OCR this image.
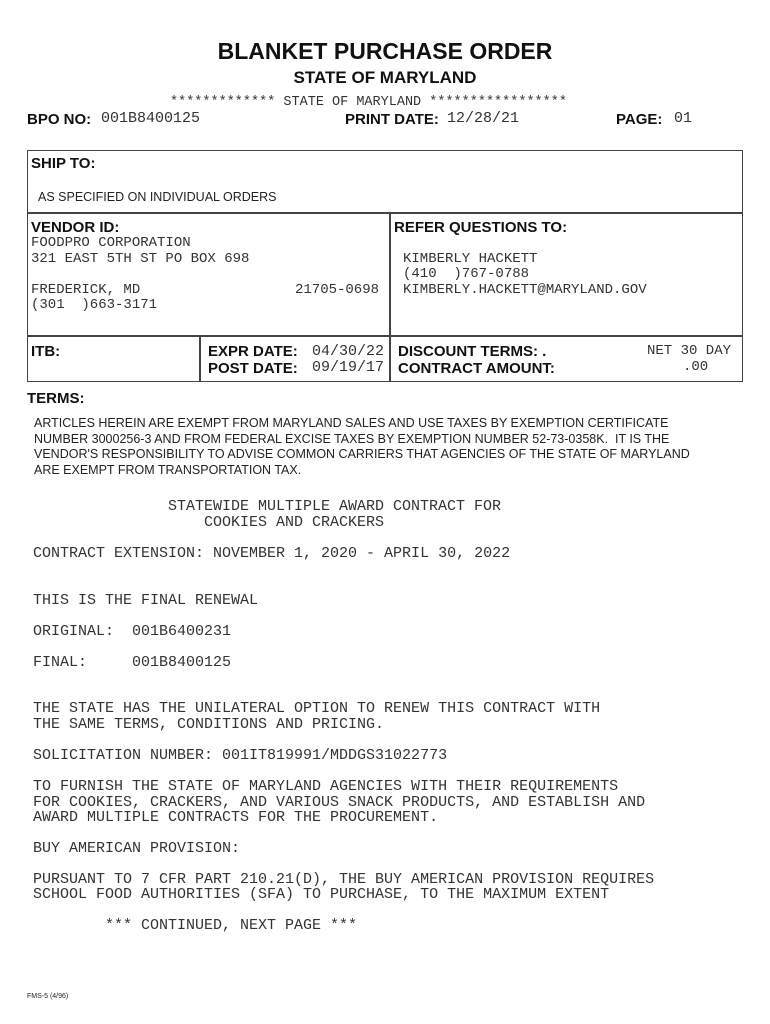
BLANKET PURCHASE ORDER
STATE OF MARYLAND
************* STATE OF MARYLAND *****************
BPO NO: 001B8400125	PRINT DATE: 12/28/21	PAGE: 01
SHIP TO:
AS SPECIFIED ON INDIVIDUAL ORDERS
VENDOR ID:
FOODPRO CORPORATION
321 EAST 5TH ST PO BOX 698
FREDERICK, MD
(301  )663-3171
21705-0698
REFER QUESTIONS TO:
KIMBERLY HACKETT
(410  )767-0788
KIMBERLY.HACKETT@MARYLAND.GOV
ITB:	EXPR DATE: 04/30/22
POST DATE: 09/19/17
DISCOUNT TERMS: .	NET 30 DAY
CONTRACT AMOUNT:	.00
TERMS:
ARTICLES HEREIN ARE EXEMPT FROM MARYLAND SALES AND USE TAXES BY EXEMPTION CERTIFICATE
NUMBER 3000256-3 AND FROM FEDERAL EXCISE TAXES BY EXEMPTION NUMBER 52-73-0358K.  IT IS THE
VENDOR'S RESPONSIBILITY TO ADVISE COMMON CARRIERS THAT AGENCIES OF THE STATE OF MARYLAND
ARE EXEMPT FROM TRANSPORTATION TAX.
STATEWIDE MULTIPLE AWARD CONTRACT FOR
COOKIES AND CRACKERS
CONTRACT EXTENSION: NOVEMBER 1, 2020 - APRIL 30, 2022
THIS IS THE FINAL RENEWAL
ORIGINAL:  001B6400231
FINAL:     001B8400125
THE STATE HAS THE UNILATERAL OPTION TO RENEW THIS CONTRACT WITH
THE SAME TERMS, CONDITIONS AND PRICING.
SOLICITATION NUMBER: 001IT819991/MDDGS31022773
TO FURNISH THE STATE OF MARYLAND AGENCIES WITH THEIR REQUIREMENTS
FOR COOKIES, CRACKERS, AND VARIOUS SNACK PRODUCTS, AND ESTABLISH AND
AWARD MULTIPLE CONTRACTS FOR THE PROCUREMENT.
BUY AMERICAN PROVISION:
PURSUANT TO 7 CFR PART 210.21(D), THE BUY AMERICAN PROVISION REQUIRES
SCHOOL FOOD AUTHORITIES (SFA) TO PURCHASE, TO THE MAXIMUM EXTENT
*** CONTINUED, NEXT PAGE ***
FMS-5 (4/96)
